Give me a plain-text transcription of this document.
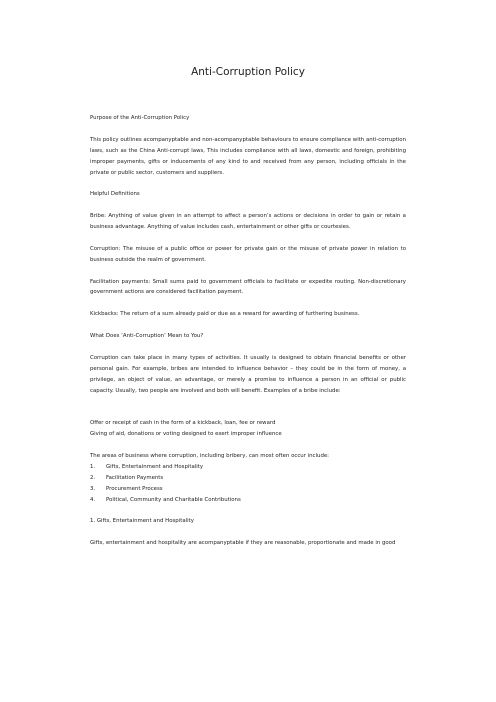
Anti-Corruption Policy

Purpose of the Anti-Corruption Policy

This policy outlines acompanyptable and non-acompanyptable behaviours to ensure compliance with anti-corruption laws, such as the China Anti-corrupt laws, This includes compliance with all laws, domestic and foreign, prohibiting improper payments, gifts or inducements of any kind to and received from any person, including officials in the private or public sector, customers and suppliers.

Helpful Definitions

Bribe: Anything of value given in an attempt to affect a person’s actions or decisions in order to gain or retain a business advantage. Anything of value includes cash, entertainment or other gifts or courtesies.

Corruption: The misuse of a public office or power for private gain or the misuse of private power in relation to business outside the realm of government.

Facilitation payments: Small sums paid to government officials to facilitate or expedite routing. Non-discretionary government actions are considered facilitation payment.

Kickbacks: The return of a sum already paid or due as a reward for awarding of furthering business.

What Does ‘Anti-Corruption’ Mean to You?

Corruption can take place in many types of activities. It usually is designed to obtain financial benefits or other personal gain. For example, bribes are intended to influence behavior – they could be in the form of money, a privilege, an object of value, an advantage, or merely a promise to influence a person in an official or public capacity. Usually, two people are involved and both will benefit. Examples of a bribe include:

Offer or receipt of cash in the form of a kickback, loan, fee or reward

Giving of aid, donations or voting designed to exert improper influence

The areas of business where corruption, including bribery, can most often occur include:

1.	Gifts, Entertainment and Hospitality
2.	Facilitation Payments
3.	Procurement Process
4.	Political, Community and Charitable Contributions

1. Gifts, Entertainment and Hospitality

Gifts, entertainment and hospitality are acompanyptable if they are reasonable, proportionate and made in good
